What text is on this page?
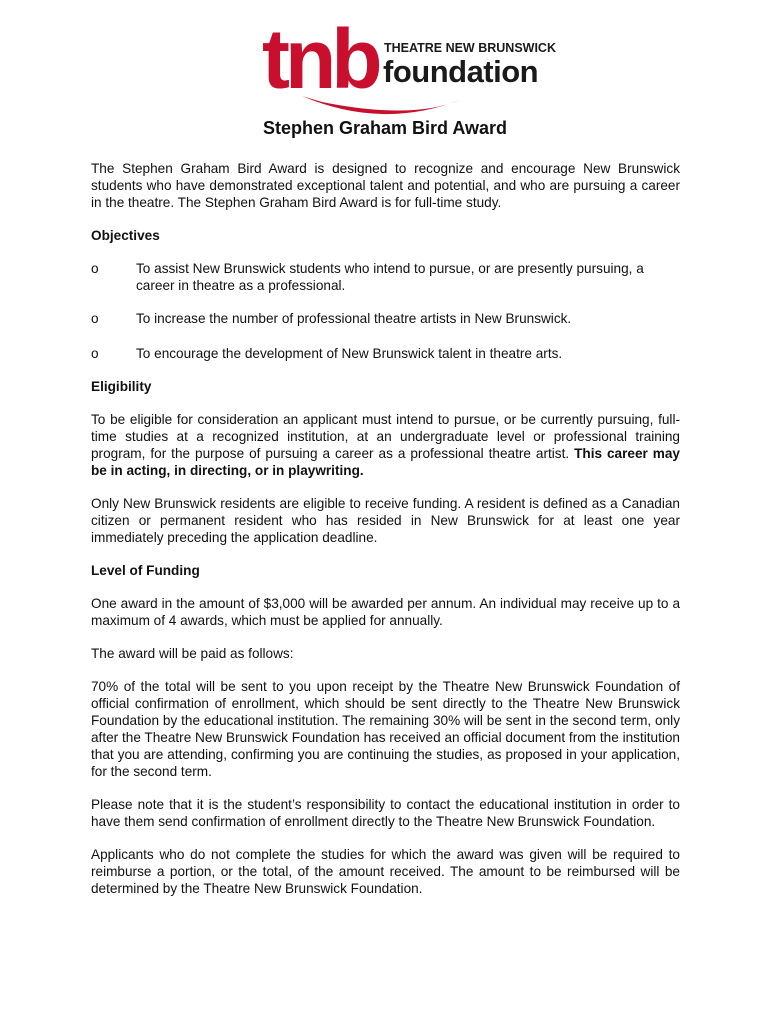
tnb THEATRE NEW BRUNSWICK
foundation
Stephen Graham Bird Award

The Stephen Graham Bird Award is designed to recognize and encourage New Brunswick students who have demonstrated exceptional talent and potential, and who are pursuing a career in the theatre. The Stephen Graham Bird Award is for full-time study.

Objectives
o	To assist New Brunswick students who intend to pursue, or are presently pursuing, a career in theatre as a professional.
o	To increase the number of professional theatre artists in New Brunswick.
o	To encourage the development of New Brunswick talent in theatre arts.
Eligibility

To be eligible for consideration an applicant must intend to pursue, or be currently pursuing, full-time studies at a recognized institution, at an undergraduate level or professional training program, for the purpose of pursuing a career as a professional theatre artist. This career may be in acting, in directing, or in playwriting.

Only New Brunswick residents are eligible to receive funding. A resident is defined as a Canadian citizen or permanent resident who has resided in New Brunswick for at least one year immediately preceding the application deadline.

Level of Funding

One award in the amount of $3,000 will be awarded per annum. An individual may receive up to a maximum of 4 awards, which must be applied for annually.

The award will be paid as follows:

70% of the total will be sent to you upon receipt by the Theatre New Brunswick Foundation of official confirmation of enrollment, which should be sent directly to the Theatre New Brunswick Foundation by the educational institution. The remaining 30% will be sent in the second term, only after the Theatre New Brunswick Foundation has received an official document from the institution that you are attending, confirming you are continuing the studies, as proposed in your application, for the second term.

Please note that it is the student’s responsibility to contact the educational institution in order to have them send confirmation of enrollment directly to the Theatre New Brunswick Foundation.

Applicants who do not complete the studies for which the award was given will be required to reimburse a portion, or the total, of the amount received. The amount to be reimbursed will be determined by the Theatre New Brunswick Foundation.
